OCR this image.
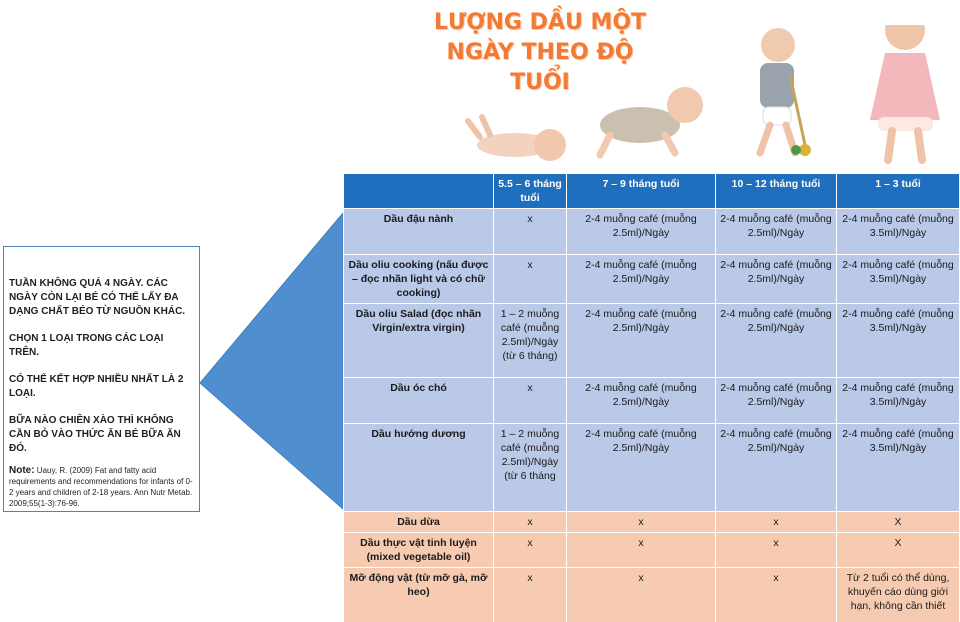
LƯỢNG DẦU MỘT
NGÀY THEO ĐỘ
TUỔI

TUẦN KHÔNG QUÁ 4 NGÀY. CÁC NGÀY CÒN LẠI BÉ CÓ THỂ LẤY ĐA DẠNG CHẤT BÉO TỪ NGUỒN KHÁC.

CHỌN 1 LOẠI TRONG CÁC LOẠI TRÊN.

CÓ THỂ KẾT HỢP NHIỀU NHẤT LÀ 2 LOẠI.

BỮA NÀO CHIÊN XÀO THÌ KHÔNG CẦN BỎ VÀO THỨC ĂN BÉ BỮA ĂN ĐÓ.

Note: Uauy, R. (2009) Fat and fatty acid requirements and recommendations for infants of 0-2 years and children of 2-18 years. Ann Nutr Metab. 2009;55(1-3):76-96.

	5.5 – 6 tháng tuổi	7 – 9 tháng tuổi	10 – 12 tháng tuổi	1 – 3 tuổi
Dầu đậu nành	x	2-4 muỗng café (muỗng 2.5ml)/Ngày	2-4 muỗng café (muỗng 2.5ml)/Ngày	2-4 muỗng café (muỗng 3.5ml)/Ngày
Dầu oliu cooking (nấu được – đọc nhãn light và có chữ cooking)	x	2-4 muỗng café (muỗng 2.5ml)/Ngày	2-4 muỗng café (muỗng 2.5ml)/Ngày	2-4 muỗng café (muỗng 3.5ml)/Ngày
Dầu oliu Salad (đọc nhãn Virgin/extra virgin)	1 – 2 muỗng café (muỗng 2.5ml)/Ngày (từ 6 tháng)	2-4 muỗng café (muỗng 2.5ml)/Ngày	2-4 muỗng café (muỗng 2.5ml)/Ngày	2-4 muỗng café (muỗng 3.5ml)/Ngày
Dầu óc chó	x	2-4 muỗng café (muỗng 2.5ml)/Ngày	2-4 muỗng café (muỗng 2.5ml)/Ngày	2-4 muỗng café (muỗng 3.5ml)/Ngày
Dầu hướng dương	1 – 2 muỗng café (muỗng 2.5ml)/Ngày (từ 6 tháng	2-4 muỗng café (muỗng 2.5ml)/Ngày	2-4 muỗng café (muỗng 2.5ml)/Ngày	2-4 muỗng café (muỗng 3.5ml)/Ngày
Dầu dừa	x	x	x	X
Dầu thực vật tinh luyện (mixed vegetable oil)	x	x	x	X
Mỡ động vật (từ mỡ gà, mỡ heo)	x	x	x	Từ 2 tuổi có thể dùng, khuyến cáo dùng giới hạn, không cần thiết
